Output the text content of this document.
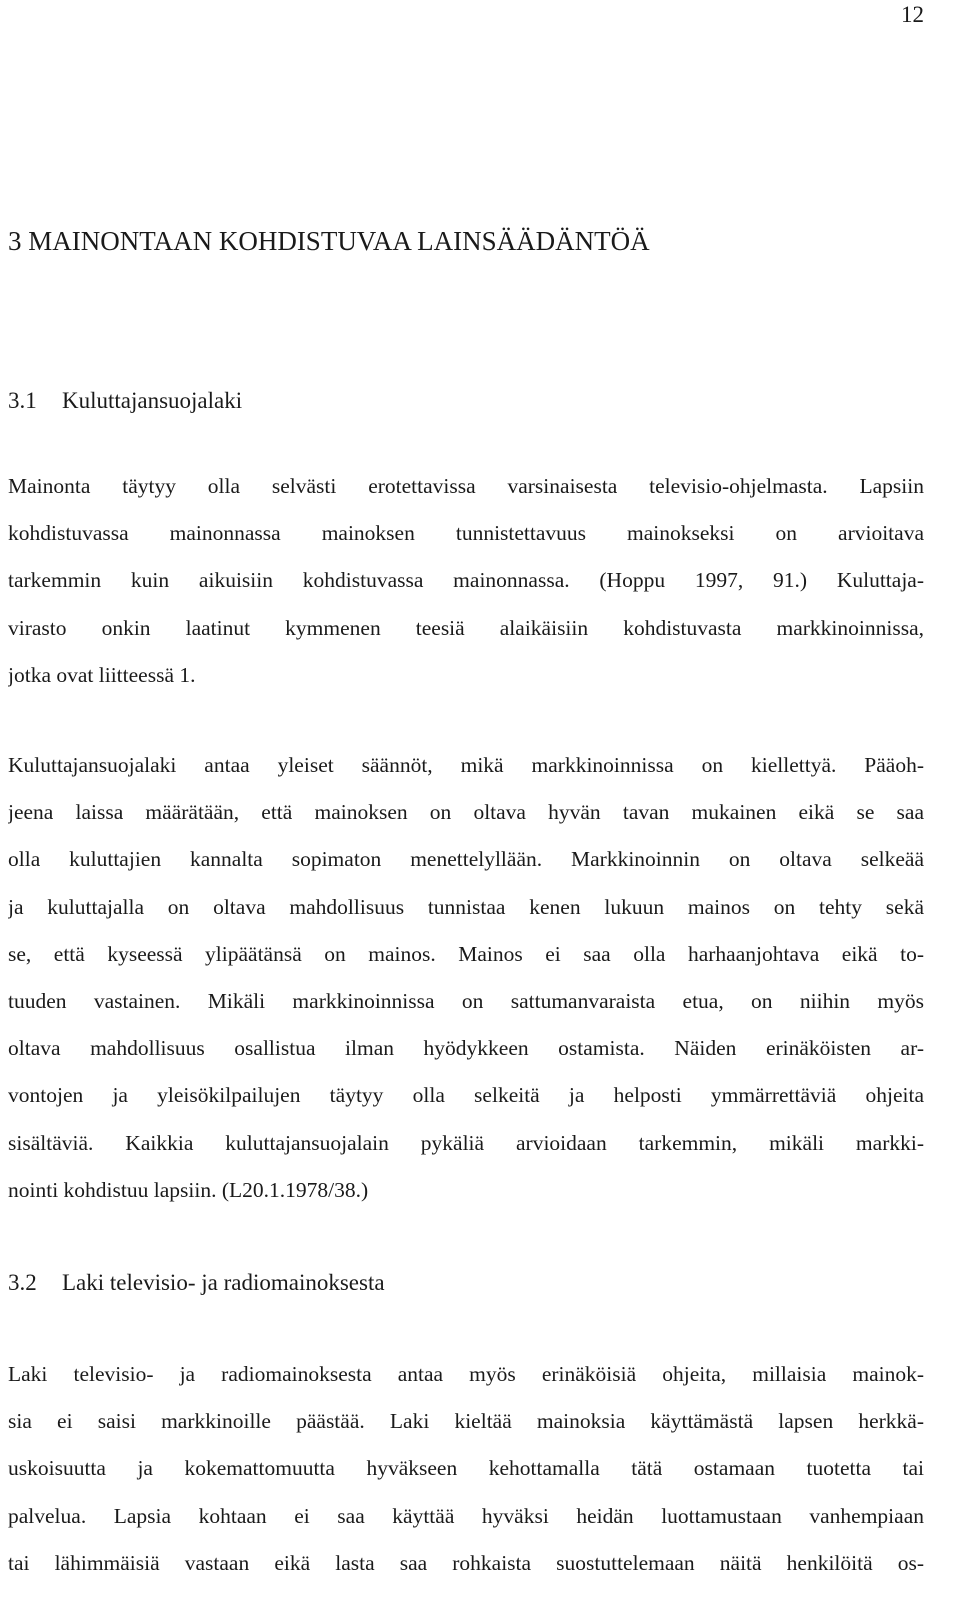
12
3 MAINONTAAN KOHDISTUVAA LAINSÄÄDÄNTÖÄ
3.1 Kuluttajansuojalaki

Mainonta täytyy olla selvästi erotettavissa varsinaisesta televisio-ohjelmasta. Lapsiin
kohdistuvassa mainonnassa mainoksen tunnistettavuus mainokseksi on arvioitava
tarkemmin kuin aikuisiin kohdistuvassa mainonnassa. (Hoppu 1997, 91.) Kuluttaja-
virasto onkin laatinut kymmenen teesiä alaikäisiin kohdistuvasta markkinoinnissa,
jotka ovat liitteessä 1.

Kuluttajansuojalaki antaa yleiset säännöt, mikä markkinoinnissa on kiellettyä. Pääoh-
jeena laissa määrätään, että mainoksen on oltava hyvän tavan mukainen eikä se saa
olla kuluttajien kannalta sopimaton menettelyllään. Markkinoinnin on oltava selkeää
ja kuluttajalla on oltava mahdollisuus tunnistaa kenen lukuun mainos on tehty sekä
se, että kyseessä ylipäätänsä on mainos. Mainos ei saa olla harhaanjohtava eikä to-
tuuden vastainen. Mikäli markkinoinnissa on sattumanvaraista etua, on niihin myös
oltava mahdollisuus osallistua ilman hyödykkeen ostamista. Näiden erinäköisten ar-
vontojen ja yleisökilpailujen täytyy olla selkeitä ja helposti ymmärrettäviä ohjeita
sisältäviä. Kaikkia kuluttajansuojalain pykäliä arvioidaan tarkemmin, mikäli markki-
nointi kohdistuu lapsiin. (L20.1.1978/38.)

3.2 Laki televisio- ja radiomainoksesta

Laki televisio- ja radiomainoksesta antaa myös erinäköisiä ohjeita, millaisia mainok-
sia ei saisi markkinoille päästää. Laki kieltää mainoksia käyttämästä lapsen herkkä-
uskoisuutta ja kokemattomuutta hyväkseen kehottamalla tätä ostamaan tuotetta tai
palvelua. Lapsia kohtaan ei saa käyttää hyväksi heidän luottamustaan vanhempiaan
tai lähimmäisiä vastaan eikä lasta saa rohkaista suostuttelemaan näitä henkilöitä os-
